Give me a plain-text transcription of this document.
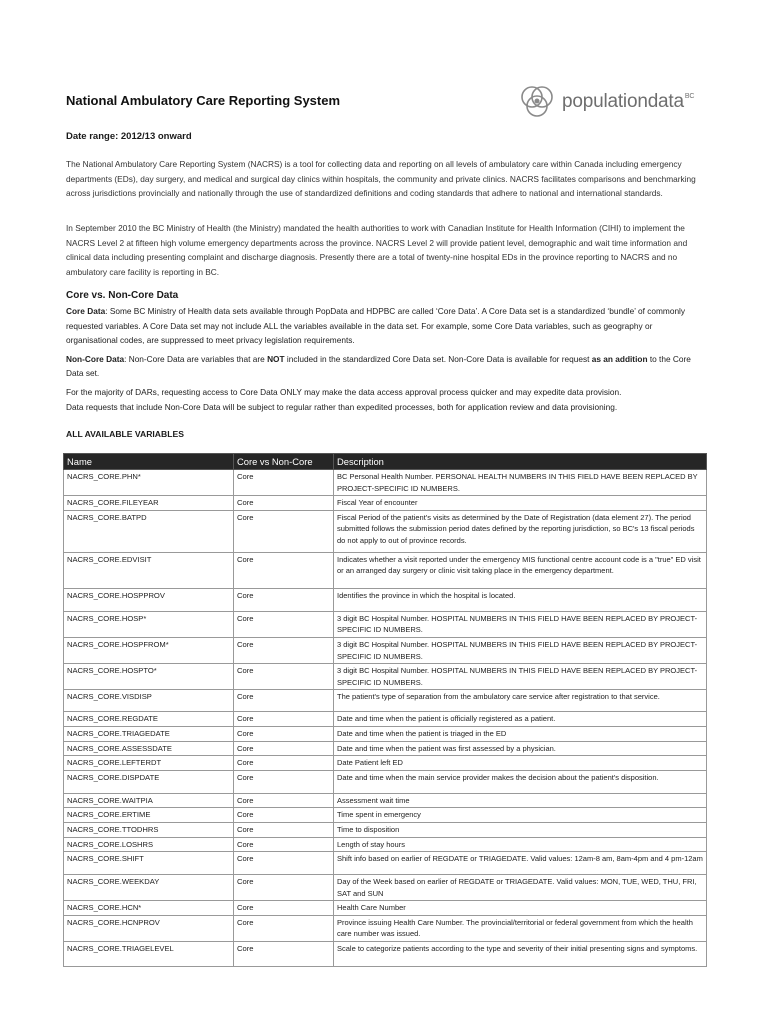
National Ambulatory Care Reporting System	populationdata$^{BC}$
Date range: 2012/13 onward
The National Ambulatory Care Reporting System (NACRS) is a tool for collecting data and reporting on all levels of ambulatory care within Canada including emergency departments (EDs), day surgery, and medical and surgical day clinics within hospitals, the community and private clinics. NACRS facilitates comparisons and benchmarking across jurisdictions provincially and nationally through the use of standardized definitions and coding standards that adhere to national and international standards.
In September 2010 the BC Ministry of Health (the Ministry) mandated the health authorities to work with Canadian Institute for Health Information (CIHI) to implement the NACRS Level 2 at fifteen high volume emergency departments across the province. NACRS Level 2 will provide patient level, demographic and wait time information and clinical data including presenting complaint and discharge diagnosis. Presently there are a total of twenty-nine hospital EDs in the province reporting to NACRS and no ambulatory care facility is reporting in BC.
Core vs. Non-Core Data

Core Data: Some BC Ministry of Health data sets available through PopData and HDPBC are called ‘Core Data’. A Core Data set is a standardized ‘bundle’ of commonly requested variables. A Core Data set may not include ALL the variables available in the data set. For example, some Core Data variables, such as geography or organisational codes, are suppressed to meet privacy legislation requirements.

Non-Core Data: Non-Core Data are variables that are NOT included in the standardized Core Data set. Non-Core Data is available for request as an addition to the Core Data set.

For the majority of DARs, requesting access to Core Data ONLY may make the data access approval process quicker and may expedite data provision.

Data requests that include Non-Core Data will be subject to regular rather than expedited processes, both for application review and data provisioning.

ALL AVAILABLE VARIABLES
Name	Core vs Non-Core	Description
NACRS_CORE.PHN*	Core	BC Personal Health Number. PERSONAL HEALTH NUMBERS IN THIS FIELD HAVE BEEN REPLACED BY PROJECT-SPECIFIC ID NUMBERS.
NACRS_CORE.FILEYEAR	Core	Fiscal Year of encounter
NACRS_CORE.BATPD	Core	Fiscal Period of the patient's visits as determined by the Date of Registration (data element 27). The period submitted follows the submission period dates defined by the reporting jurisdiction, so BC's 13 fiscal periods do not apply to out of province records.
NACRS_CORE.EDVISIT	Core	Indicates whether a visit reported under the emergency MIS functional centre account code is a "true" ED visit or an arranged day surgery or clinic visit taking place in the emergency department.
NACRS_CORE.HOSPPROV	Core	Identifies the province in which the hospital is located.
NACRS_CORE.HOSP*	Core	3 digit BC Hospital Number. HOSPITAL NUMBERS IN THIS FIELD HAVE BEEN REPLACED BY PROJECT-SPECIFIC ID NUMBERS.
NACRS_CORE.HOSPFROM*	Core	3 digit BC Hospital Number. HOSPITAL NUMBERS IN THIS FIELD HAVE BEEN REPLACED BY PROJECT-SPECIFIC ID NUMBERS.
NACRS_CORE.HOSPTO*	Core	3 digit BC Hospital Number. HOSPITAL NUMBERS IN THIS FIELD HAVE BEEN REPLACED BY PROJECT-SPECIFIC ID NUMBERS.
NACRS_CORE.VISDISP	Core	The patient's type of separation from the ambulatory care service after registration to that service.
NACRS_CORE.REGDATE	Core	Date and time when the patient is officially registered as a patient.
NACRS_CORE.TRIAGEDATE	Core	Date and time when the patient is triaged in the ED
NACRS_CORE.ASSESSDATE	Core	Date and time when the patient was first assessed by a physician.
NACRS_CORE.LEFTERDT	Core	Date Patient left ED
NACRS_CORE.DISPDATE	Core	Date and time when the main service provider makes the decision about the patient's disposition.
NACRS_CORE.WAITPIA	Core	Assessment wait time
NACRS_CORE.ERTIME	Core	Time spent in emergency
NACRS_CORE.TTODHRS	Core	Time to disposition
NACRS_CORE.LOSHRS	Core	Length of stay hours
NACRS_CORE.SHIFT	Core	Shift info based on earlier of REGDATE or TRIAGEDATE. Valid values: 12am-8 am, 8am-4pm and 4 pm-12am
NACRS_CORE.WEEKDAY	Core	Day of the Week based on earlier of REGDATE or TRIAGEDATE. Valid values: MON, TUE, WED, THU, FRI, SAT and SUN
NACRS_CORE.HCN*	Core	Health Care Number
NACRS_CORE.HCNPROV	Core	Province issuing Health Care Number. The provincial/territorial or federal government from which the health care number was issued.
NACRS_CORE.TRIAGELEVEL	Core	Scale to categorize patients according to the type and severity of their initial presenting signs and symptoms.
